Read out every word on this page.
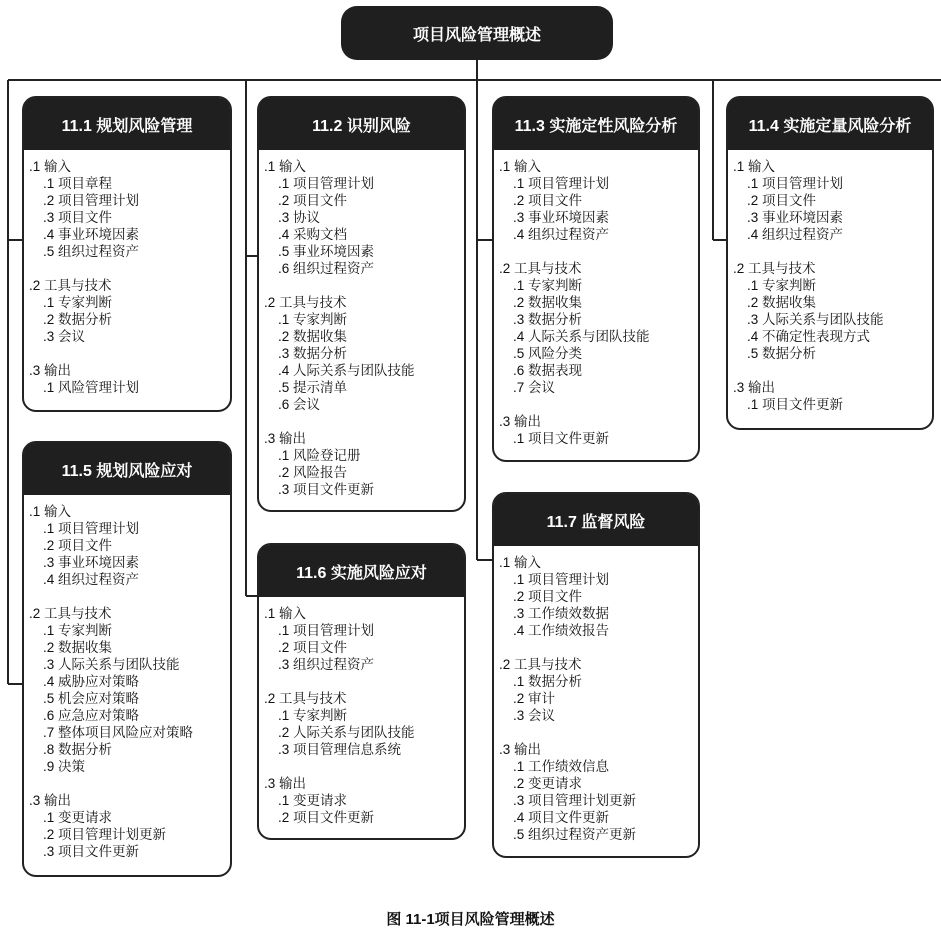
项目风险管理概述
11.1 规划风险管理
.1 输入
.1 项目章程
.2 项目管理计划
.3 项目文件
.4 事业环境因素
.5 组织过程资产
.2 工具与技术
.1 专家判断
.2 数据分析
.3 会议
.3 输出
.1 风险管理计划
11.2 识别风险
.1 输入
.1 项目管理计划
.2 项目文件
.3 协议
.4 采购文档
.5 事业环境因素
.6 组织过程资产
.2 工具与技术
.1 专家判断
.2 数据收集
.3 数据分析
.4 人际关系与团队技能
.5 提示清单
.6 会议
.3 输出
.1 风险登记册
.2 风险报告
.3 项目文件更新
11.3 实施定性风险分析
.1 输入
.1 项目管理计划
.2 项目文件
.3 事业环境因素
.4 组织过程资产
.2 工具与技术
.1 专家判断
.2 数据收集
.3 数据分析
.4 人际关系与团队技能
.5 风险分类
.6 数据表现
.7 会议
.3 输出
.1 项目文件更新
11.4 实施定量风险分析
.1 输入
.1 项目管理计划
.2 项目文件
.3 事业环境因素
.4 组织过程资产
.2 工具与技术
.1 专家判断
.2 数据收集
.3 人际关系与团队技能
.4 不确定性表现方式
.5 数据分析
.3 输出
.1 项目文件更新
11.5 规划风险应对
.1 输入
.1 项目管理计划
.2 项目文件
.3 事业环境因素
.4 组织过程资产
.2 工具与技术
.1 专家判断
.2 数据收集
.3 人际关系与团队技能
.4 威胁应对策略
.5 机会应对策略
.6 应急应对策略
.7 整体项目风险应对策略
.8 数据分析
.9 决策
.3 输出
.1 变更请求
.2 项目管理计划更新
.3 项目文件更新
11.6 实施风险应对
.1 输入
.1 项目管理计划
.2 项目文件
.3 组织过程资产
.2 工具与技术
.1 专家判断
.2 人际关系与团队技能
.3 项目管理信息系统
.3 输出
.1 变更请求
.2 项目文件更新
11.7 监督风险
.1 输入
.1 项目管理计划
.2 项目文件
.3 工作绩效数据
.4 工作绩效报告
.2 工具与技术
.1 数据分析
.2 审计
.3 会议
.3 输出
.1 工作绩效信息
.2 变更请求
.3 项目管理计划更新
.4 项目文件更新
.5 组织过程资产更新
图 11-1项目风险管理概述
